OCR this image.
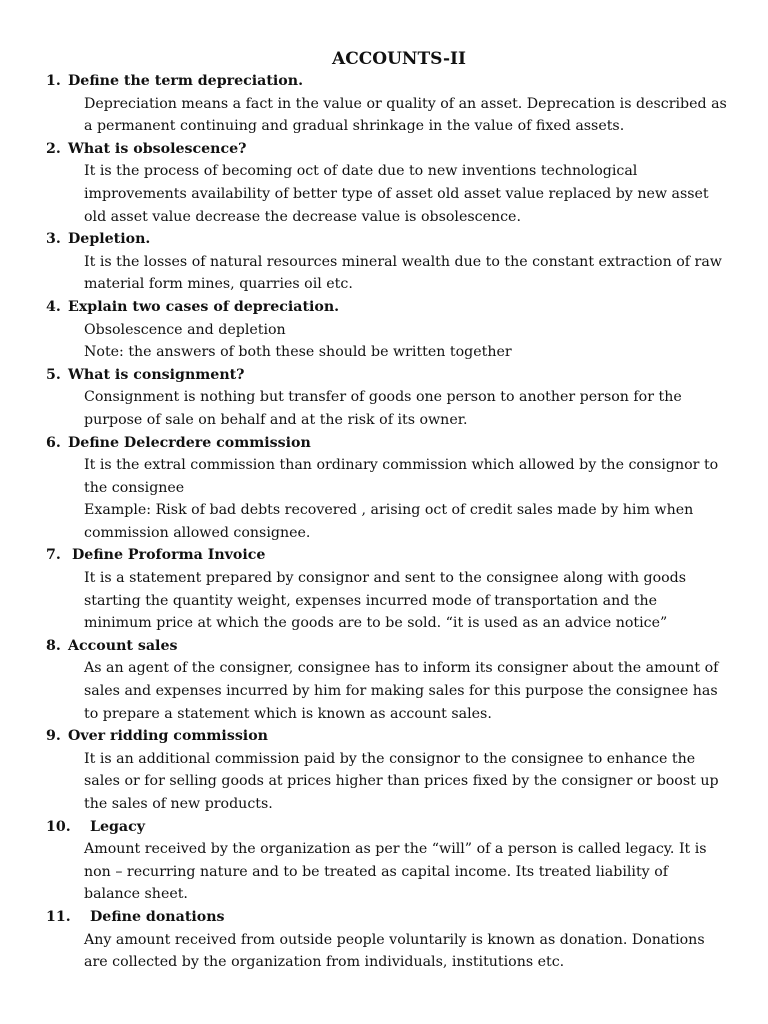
ACCOUNTS-II
1. Define the term depreciation.

Depreciation means a fact in the value or quality of an asset. Deprecation is described as a permanent continuing and gradual shrinkage in the value of fixed assets.

2. What is obsolescence?

It is the process of becoming oct of date due to new inventions technological improvements availability of better type of asset old asset value replaced by new asset old asset value decrease the decrease value is obsolescence.

3. Depletion.

It is the losses of natural resources mineral wealth due to the constant extraction of raw material form mines, quarries oil etc.

4. Explain two cases of depreciation.

Obsolescence and depletion

Note: the answers of both these should be written together

5. What is consignment?

Consignment is nothing but transfer of goods one person to another person for the purpose of sale on behalf and at the risk of its owner.

6. Define Delecrdere commission

It is the extral commission than ordinary commission which allowed by the consignor to the consignee

Example: Risk of bad debts recovered , arising oct of credit sales made by him when commission allowed consignee.

7. Define Proforma Invoice

It is a statement prepared by consignor and sent to the consignee along with goods starting the quantity weight, expenses incurred mode of transportation and the minimum price at which the goods are to be sold. “it is used as an advice notice”

8. Account sales

As an agent of the consigner, consignee has to inform its consigner about the amount of sales and expenses incurred by him for making sales for this purpose the consignee has to prepare a statement which is known as account sales.

9. Over ridding commission

It is an additional commission paid by the consignor to the consignee to enhance the sales or for selling goods at prices higher than prices fixed by the consigner or boost up the sales of new products.

10.	Legacy

Amount received by the organization as per the “will” of a person is called legacy. It is non – recurring nature and to be treated as capital income. Its treated liability of balance sheet.

11.	Define donations

Any amount received from outside people voluntarily is known as donation. Donations are collected by the organization from individuals, institutions etc.
